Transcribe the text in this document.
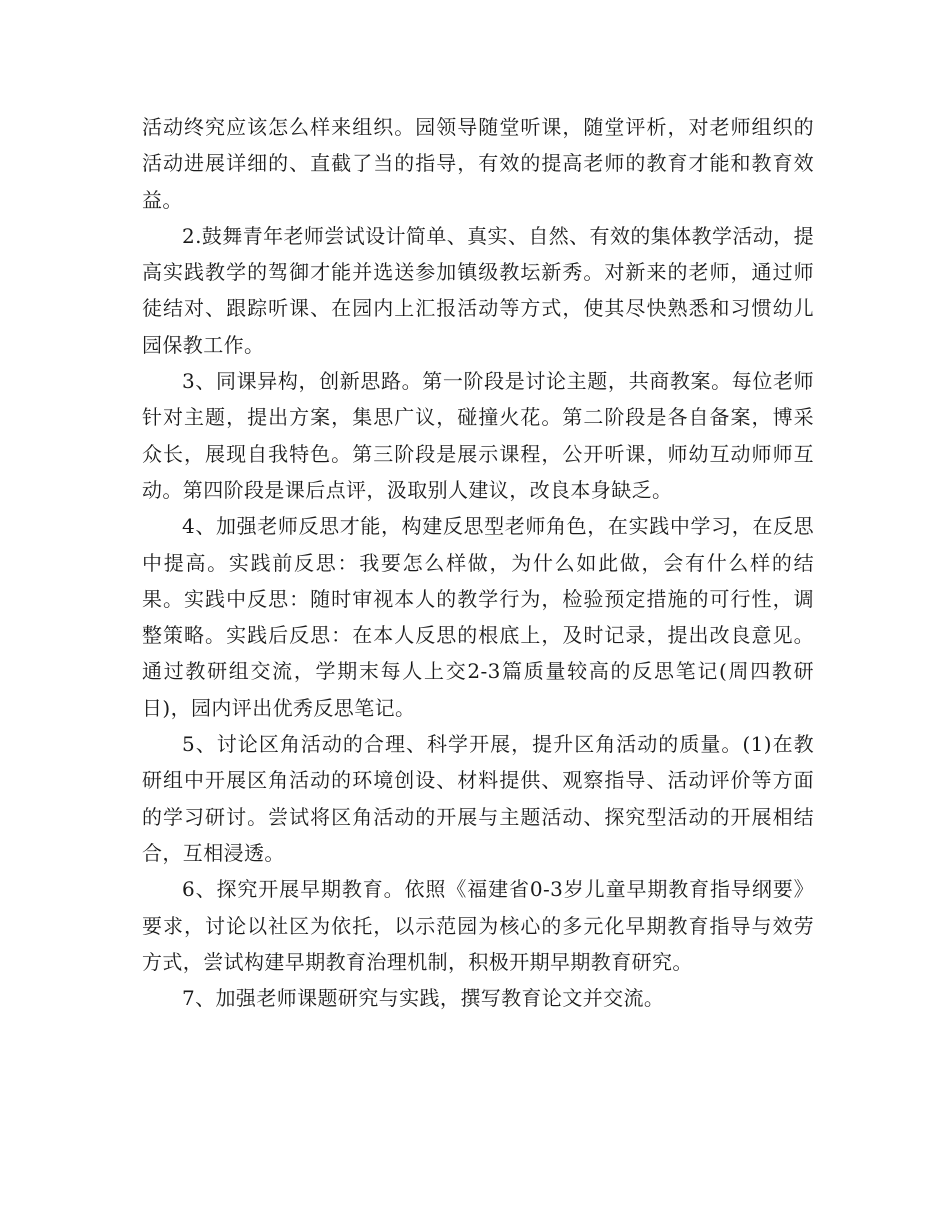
活动终究应该怎么样来组织。园领导随堂听课，随堂评析，对老师组织的活动进展详细的、直截了当的指导，有效的提高老师的教育才能和教育效益。

2.鼓舞青年老师尝试设计简单、真实、自然、有效的集体教学活动，提高实践教学的驾御才能并选送参加镇级教坛新秀。对新来的老师，通过师徒结对、跟踪听课、在园内上汇报活动等方式，使其尽快熟悉和习惯幼儿园保教工作。

3、同课异构，创新思路。第一阶段是讨论主题，共商教案。每位老师针对主题，提出方案，集思广议，碰撞火花。第二阶段是各自备案，博采众长，展现自我特色。第三阶段是展示课程，公开听课，师幼互动师师互动。第四阶段是课后点评，汲取别人建议，改良本身缺乏。

4、加强老师反思才能，构建反思型老师角色，在实践中学习，在反思中提高。实践前反思：我要怎么样做，为什么如此做，会有什么样的结果。实践中反思：随时审视本人的教学行为，检验预定措施的可行性，调整策略。实践后反思：在本人反思的根底上，及时记录，提出改良意见。通过教研组交流，学期末每人上交2-3篇质量较高的反思笔记(周四教研日)，园内评出优秀反思笔记。

5、讨论区角活动的合理、科学开展，提升区角活动的质量。(1)在教研组中开展区角活动的环境创设、材料提供、观察指导、活动评价等方面的学习研讨。尝试将区角活动的开展与主题活动、探究型活动的开展相结合，互相浸透。

6、探究开展早期教育。依照《福建省0-3岁儿童早期教育指导纲要》要求，讨论以社区为依托，以示范园为核心的多元化早期教育指导与效劳方式，尝试构建早期教育治理机制，积极开期早期教育研究。

7、加强老师课题研究与实践，撰写教育论文并交流。
